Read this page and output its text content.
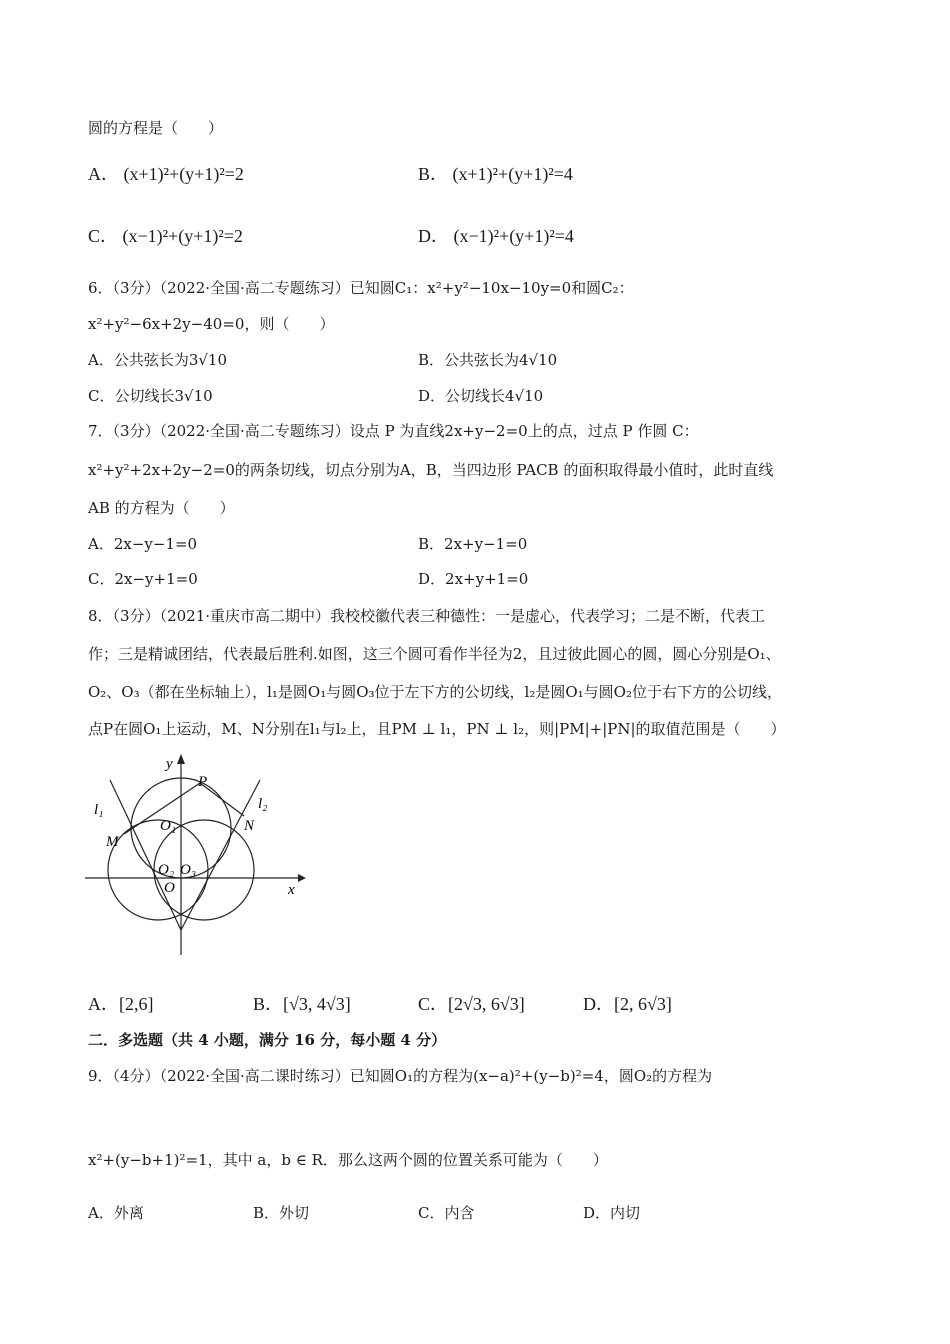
圆的方程是（　　）
A． (x+1)²+(y+1)²=2	B． (x+1)²+(y+1)²=4
C． (x−1)²+(y+1)²=2	D． (x−1)²+(y+1)²=4
6．（3分）（2022·全国·高二专题练习）已知圆C₁：x²+y²−10x−10y=0和圆C₂：
x²+y²−6x+2y−40=0，则（　　）
A．公共弦长为3√10	B．公共弦长为4√10
C．公切线长3√10	D．公切线长4√10
7．（3分）（2022·全国·高二专题练习）设点 P 为直线2x+y−2=0上的点，过点 P 作圆 C：
x²+y²+2x+2y−2=0的两条切线，切点分别为A，B，当四边形 PACB 的面积取得最小值时，此时直线
AB 的方程为（　　）
A．2x−y−1=0	B．2x+y−1=0
C．2x−y+1=0	D．2x+y+1=0
8．（3分）（2021·重庆市高二期中）我校校徽代表三种德性：一是虚心，代表学习；二是不断，代表工
作；三是精诚团结，代表最后胜利.如图，这三个圆可看作半径为2，且过彼此圆心的圆，圆心分别是O₁、
O₂、O₃（都在坐标轴上），l₁是圆O₁与圆O₃位于左下方的公切线，l₂是圆O₁与圆O₂位于右下方的公切线，
点P在圆O₁上运动，M、N分别在l₁与l₂上，且PM ⊥ l₁，PN ⊥ l₂，则|PM|+|PN|的取值范围是（　　）
y
x
P
l₁	l₂
M
N
O₁
O₂ O₃
O
A．[2,6]	B．[√3, 4√3]	C．[2√3, 6√3]	D．[2, 6√3]
二．多选题（共 4 小题，满分 16 分，每小题 4 分）
9．（4分）（2022·全国·高二课时练习）已知圆O₁的方程为(x−a)²+(y−b)²=4，圆O₂的方程为
x²+(y−b+1)²=1，其中 a，b ∈ R．那么这两个圆的位置关系可能为（　　）
A．外离	B．外切	C．内含	D．内切
